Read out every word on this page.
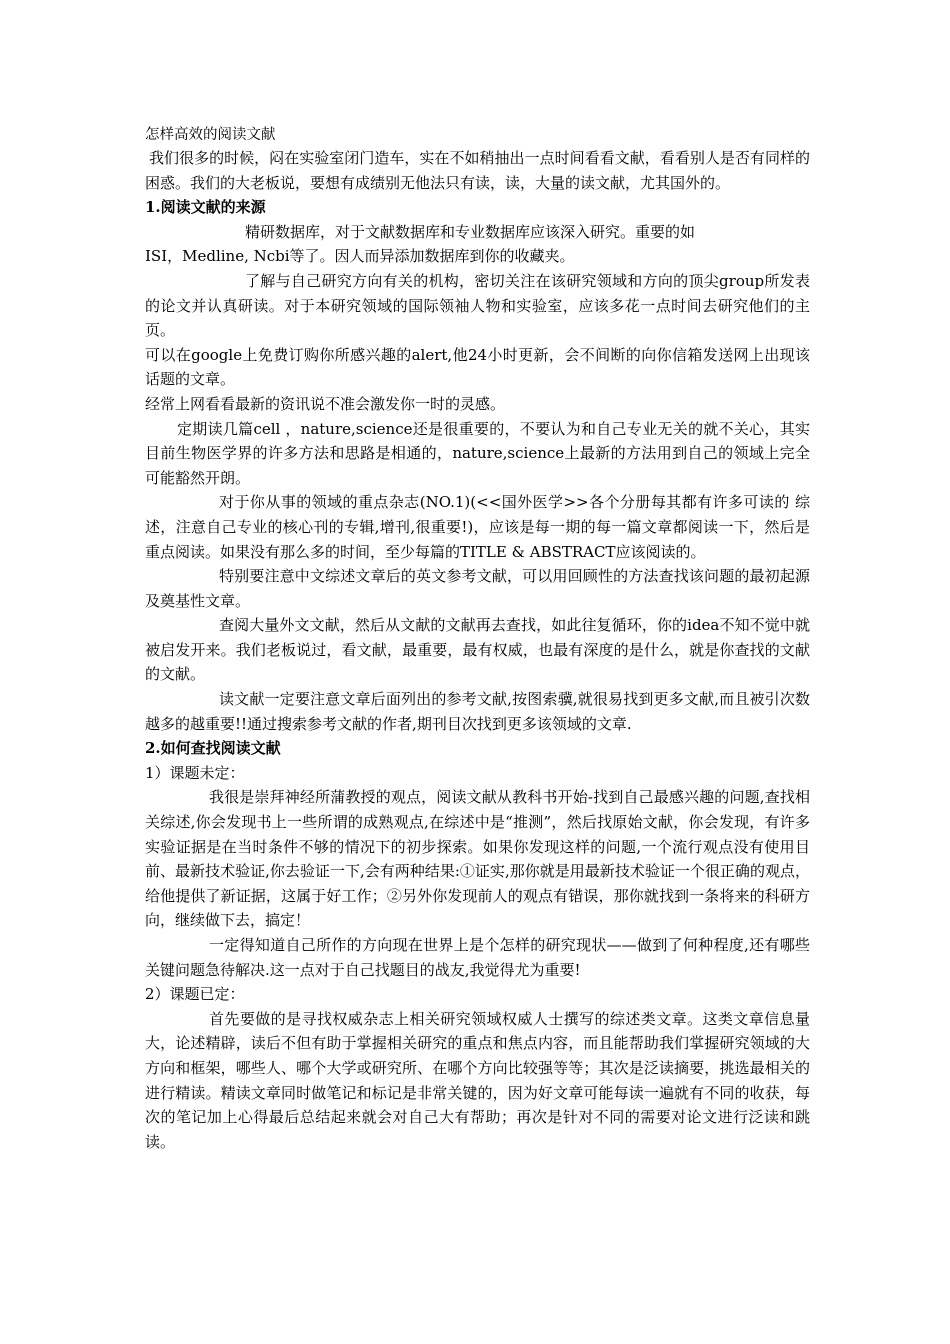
怎样高效的阅读文献

我们很多的时候，闷在实验室闭门造车，实在不如稍抽出一点时间看看文献，看看别人是否有同样的困惑。我们的大老板说，要想有成绩别无他法只有读，读，大量的读文献，尤其国外的。

1.阅读文献的来源

精研数据库，对于文献数据库和专业数据库应该深入研究。重要的如

ISI，Medline, Ncbi等了。因人而异添加数据库到你的收藏夹。

了解与自己研究方向有关的机构，密切关注在该研究领域和方向的顶尖group所发表的论文并认真研读。对于本研究领域的国际领袖人物和实验室，应该多花一点时间去研究他们的主页。

可以在google上免费订购你所感兴趣的alert,他24小时更新，会不间断的向你信箱发送网上出现该话题的文章。

经常上网看看最新的资讯说不准会激发你一时的灵感。

定期读几篇cell ，nature,science还是很重要的，不要认为和自己专业无关的就不关心，其实目前生物医学界的许多方法和思路是相通的，nature,science上最新的方法用到自己的领域上完全可能豁然开朗。

对于你从事的领域的重点杂志(NO.1)(<<国外医学>>各个分册每其都有许多可读的 综述，注意自己专业的核心刊的专辑,增刊,很重要!)，应该是每一期的每一篇文章都阅读一下，然后是重点阅读。如果没有那么多的时间，至少每篇的TITLE & ABSTRACT应该阅读的。

特别要注意中文综述文章后的英文参考文献，可以用回顾性的方法查找该问题的最初起源及奠基性文章。

查阅大量外文文献，然后从文献的文献再去查找，如此往复循环，你的idea不知不觉中就被启发开来。我们老板说过，看文献，最重要，最有权威，也最有深度的是什么，就是你查找的文献的文献。

读文献一定要注意文章后面列出的参考文献,按图索骥,就很易找到更多文献,而且被引次数越多的越重要!!通过搜索参考文献的作者,期刊目次找到更多该领域的文章.

2.如何查找阅读文献

1）课题未定：

我很是崇拜神经所蒲教授的观点，阅读文献从教科书开始-找到自己最感兴趣的问题,查找相关综述,你会发现书上一些所谓的成熟观点,在综述中是“推测”，然后找原始文献，你会发现，有许多实验证据是在当时条件不够的情况下的初步探索。如果你发现这样的问题,一个流行观点没有使用目前、最新技术验证,你去验证一下,会有两种结果:①证实,那你就是用最新技术验证一个很正确的观点，给他提供了新证据，这属于好工作；②另外你发现前人的观点有错误，那你就找到一条将来的科研方向，继续做下去，搞定！

一定得知道自己所作的方向现在世界上是个怎样的研究现状——做到了何种程度,还有哪些关键问题急待解决.这一点对于自己找题目的战友,我觉得尤为重要!

2）课题已定：

首先要做的是寻找权威杂志上相关研究领域权威人士撰写的综述类文章。这类文章信息量大，论述精辟，读后不但有助于掌握相关研究的重点和焦点内容，而且能帮助我们掌握研究领域的大方向和框架，哪些人、哪个大学或研究所、在哪个方向比较强等等；其次是泛读摘要，挑选最相关的进行精读。精读文章同时做笔记和标记是非常关键的，因为好文章可能每读一遍就有不同的收获，每次的笔记加上心得最后总结起来就会对自己大有帮助；再次是针对不同的需要对论文进行泛读和跳读。
